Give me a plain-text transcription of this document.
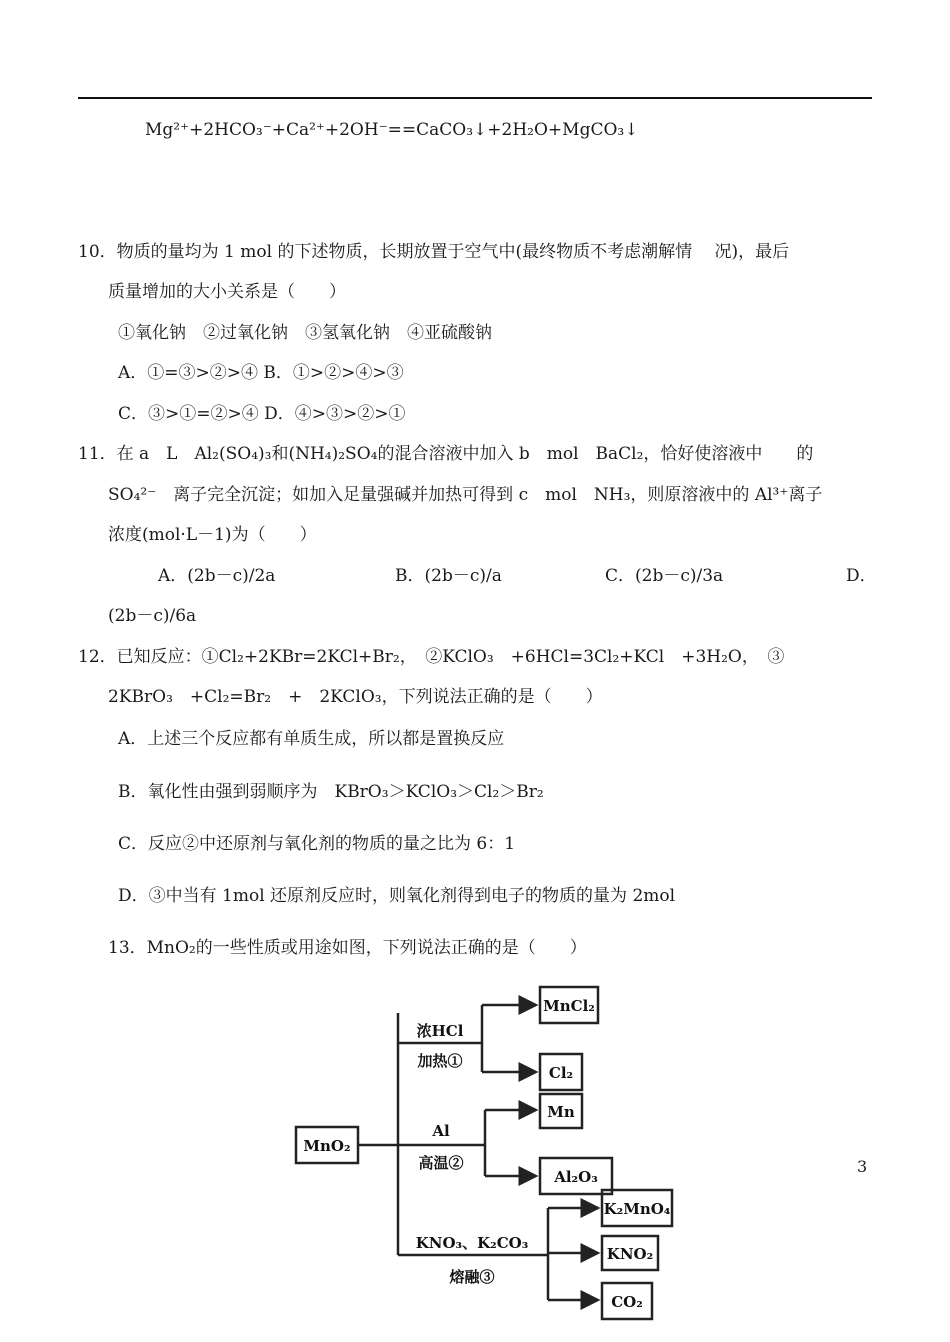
Mg²⁺+2HCO₃⁻+Ca²⁺+2OH⁻==CaCO₃↓+2H₂O+MgCO₃↓
10．物质的量均为 1 mol 的下述物质，长期放置于空气中(最终物质不考虑潮解情　 况)，最后
质量增加的大小关系是（　　）
①氧化钠　②过氧化钠　③氢氧化钠　④亚硫酸钠
A．①=③>②>④ B．①>②>④>③
C．③>①=②>④ D．④>③>②>①
11．在 a　L　Al₂(SO₄)₃和(NH₄)₂SO₄的混合溶液中加入 b　mol　BaCl₂，恰好使溶液中　　的
SO₄²⁻　离子完全沉淀；如加入足量强碱并加热可得到 c　mol　NH₃，则原溶液中的 Al³⁺离子
浓度(mol·L－1)为（　　）
A．(2b－c)/2a	B．(2b－c)/a	C．(2b－c)/3a	D．
(2b－c)/6a
12．已知反应：①Cl₂+2KBr=2KCl+Br₂，　②KClO₃　+6HCl=3Cl₂+KCl　+3H₂O，　③
2KBrO₃　+Cl₂=Br₂　+　2KClO₃，下列说法正确的是（　　）
A．上述三个反应都有单质生成，所以都是置换反应
B．氧化性由强到弱顺序为　KBrO₃＞KClO₃＞Cl₂＞Br₂
C．反应②中还原剂与氧化剂的物质的量之比为 6：1
D．③中当有 1mol 还原剂反应时，则氧化剂得到电子的物质的量为 2mol
13．MnO₂的一些性质或用途如图，下列说法正确的是（　　）
3
MnO₂
浓HCl
加热①
Al
高温②
KNO₃、K₂CO₃
熔融③
MnCl₂
Cl₂
Mn
Al₂O₃
K₂MnO₄
KNO₂
CO₂
